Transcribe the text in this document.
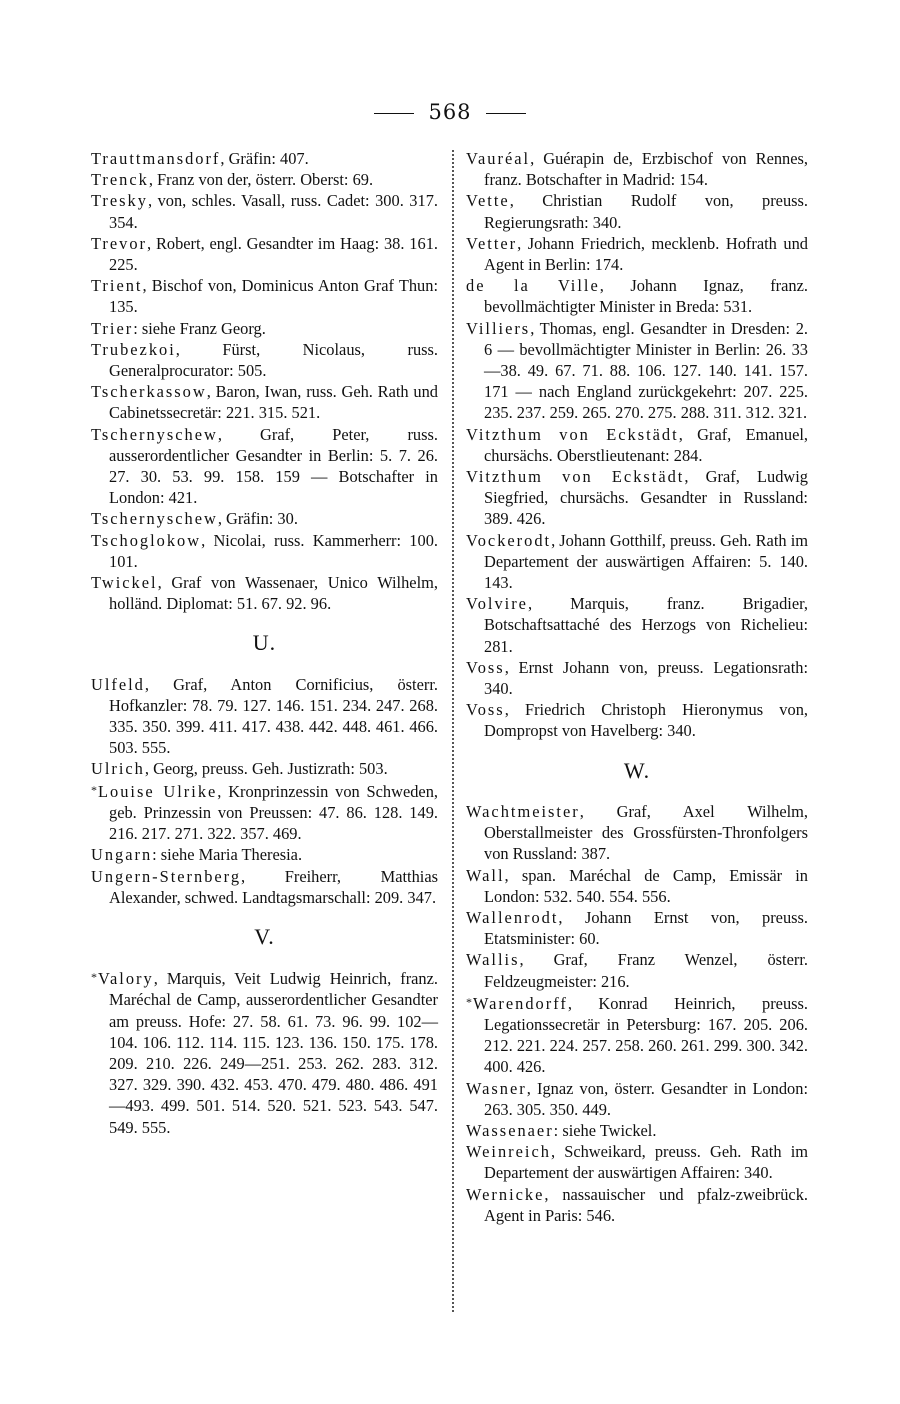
568

Trauttmansdorf, Gräfin: 407.

Trenck, Franz von der, österr. Oberst: 69.

Tresky, von, schles. Vasall, russ. Cadet: 300. 317. 354.

Trevor, Robert, engl. Gesandter im Haag: 38. 161. 225.

Trient, Bischof von, Dominicus Anton Graf Thun: 135.

Trier: siehe Franz Georg.

Trubezkoi, Fürst, Nicolaus, russ. Generalprocurator: 505.

Tscherkassow, Baron, Iwan, russ. Geh. Rath und Cabinetssecretär: 221. 315. 521.

Tschernyschew, Graf, Peter, russ. ausserordentlicher Gesandter in Berlin: 5. 7. 26. 27. 30. 53. 99. 158. 159 — Botschafter in London: 421.

Tschernyschew, Gräfin: 30.

Tschoglokow, Nicolai, russ. Kammerherr: 100. 101.

Twickel, Graf von Wassenaer, Unico Wilhelm, holländ. Diplomat: 51. 67. 92. 96.

U.

Ulfeld, Graf, Anton Cornificius, österr. Hofkanzler: 78. 79. 127. 146. 151. 234. 247. 268. 335. 350. 399. 411. 417. 438. 442. 448. 461. 466. 503. 555.

Ulrich, Georg, preuss. Geh. Justizrath: 503.

*Louise Ulrike, Kronprinzessin von Schweden, geb. Prinzessin von Preussen: 47. 86. 128. 149. 216. 217. 271. 322. 357. 469.

Ungarn: siehe Maria Theresia.

Ungern-Sternberg, Freiherr, Matthias Alexander, schwed. Landtagsmarschall: 209. 347.

V.

*Valory, Marquis, Veit Ludwig Heinrich, franz. Maréchal de Camp, ausserordentlicher Gesandter am preuss. Hofe: 27. 58. 61. 73. 96. 99. 102—104. 106. 112. 114. 115. 123. 136. 150. 175. 178. 209. 210. 226. 249—251. 253. 262. 283. 312. 327. 329. 390. 432. 453. 470. 479. 480. 486. 491—493. 499. 501. 514. 520. 521. 523. 543. 547. 549. 555.

Vauréal, Guérapin de, Erzbischof von Rennes, franz. Botschafter in Madrid: 154.

Vette, Christian Rudolf von, preuss. Regierungsrath: 340.

Vetter, Johann Friedrich, mecklenb. Hofrath und Agent in Berlin: 174.

de la Ville, Johann Ignaz, franz. bevollmächtigter Minister in Breda: 531.

Villiers, Thomas, engl. Gesandter in Dresden: 2. 6 — bevollmächtigter Minister in Berlin: 26. 33—38. 49. 67. 71. 88. 106. 127. 140. 141. 157. 171 — nach England zurückgekehrt: 207. 225. 235. 237. 259. 265. 270. 275. 288. 311. 312. 321.

Vitzthum von Eckstädt, Graf, Emanuel, chursächs. Oberstlieutenant: 284.

Vitzthum von Eckstädt, Graf, Ludwig Siegfried, chursächs. Gesandter in Russland: 389. 426.

Vockerodt, Johann Gotthilf, preuss. Geh. Rath im Departement der auswärtigen Affairen: 5. 140. 143.

Volvire, Marquis, franz. Brigadier, Botschaftsattaché des Herzogs von Richelieu: 281.

Voss, Ernst Johann von, preuss. Legationsrath: 340.

Voss, Friedrich Christoph Hieronymus von, Dompropst von Havelberg: 340.

W.

Wachtmeister, Graf, Axel Wilhelm, Oberstallmeister des Grossfürsten-Thronfolgers von Russland: 387.

Wall, span. Maréchal de Camp, Emissär in London: 532. 540. 554. 556.

Wallenrodt, Johann Ernst von, preuss. Etatsminister: 60.

Wallis, Graf, Franz Wenzel, österr. Feldzeugmeister: 216.

*Warendorff, Konrad Heinrich, preuss. Legationssecretär in Petersburg: 167. 205. 206. 212. 221. 224. 257. 258. 260. 261. 299. 300. 342. 400. 426.

Wasner, Ignaz von, österr. Gesandter in London: 263. 305. 350. 449.

Wassenaer: siehe Twickel.

Weinreich, Schweikard, preuss. Geh. Rath im Departement der auswärtigen Affairen: 340.

Wernicke, nassauischer und pfalz-zweibrück. Agent in Paris: 546.
